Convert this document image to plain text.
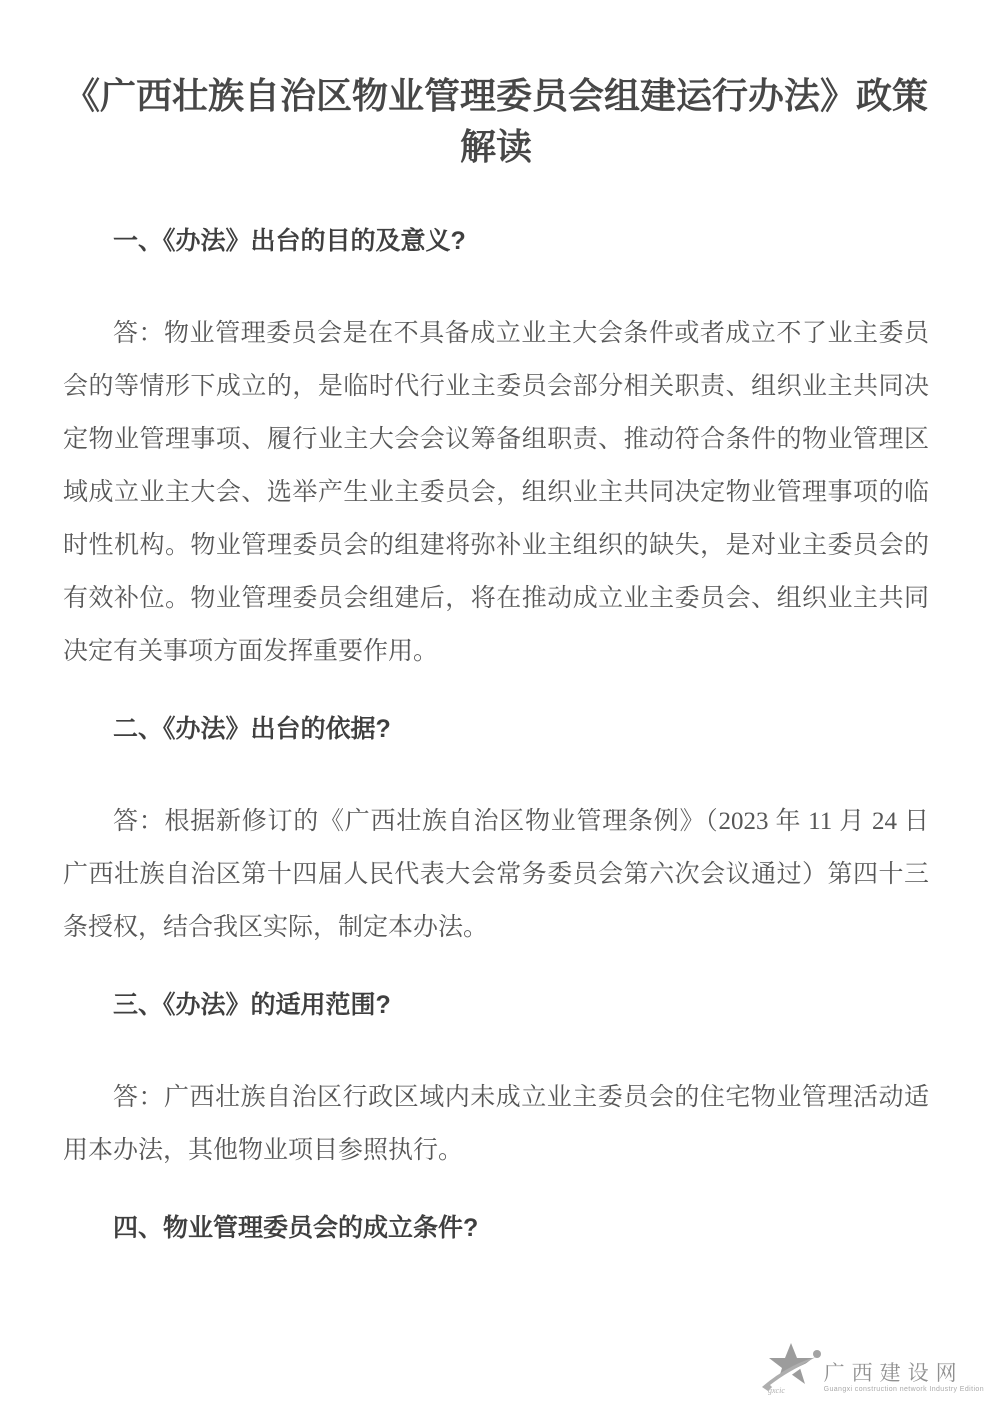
《广西壮族自治区物业管理委员会组建运行办法》政策解读
一、《办法》出台的目的及意义?

答：物业管理委员会是在不具备成立业主大会条件或者成立不了业主委员会的等情形下成立的，是临时代行业主委员会部分相关职责、组织业主共同决定物业管理事项、履行业主大会会议筹备组职责、推动符合条件的物业管理区域成立业主大会、选举产生业主委员会，组织业主共同决定物业管理事项的临时性机构。物业管理委员会的组建将弥补业主组织的缺失，是对业主委员会的有效补位。物业管理委员会组建后，将在推动成立业主委员会、组织业主共同决定有关事项方面发挥重要作用。

二、《办法》出台的依据?

答：根据新修订的《广西壮族自治区物业管理条例》（2023 年 11 月 24 日广西壮族自治区第十四届人民代表大会常务委员会第六次会议通过）第四十三条授权，结合我区实际，制定本办法。

三、《办法》的适用范围?

答：广西壮族自治区行政区域内未成立业主委员会的住宅物业管理活动适用本办法，其他物业项目参照执行。

四、物业管理委员会的成立条件?
gxcic
广西建设网
Guangxi construction network Industry Edition
